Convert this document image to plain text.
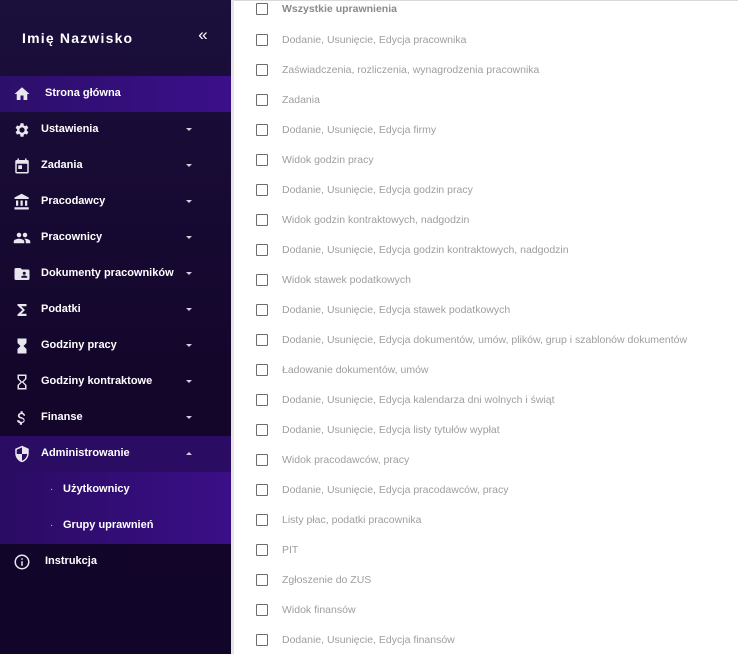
Imię Nazwisko	«
Strona główna
Ustawienia
Zadania
Pracodawcy
Pracownicy
Dokumenty pracowników
Podatki
Godziny pracy
Godziny kontraktowe
Finanse
Administrowanie
· Użytkownicy
· Grupy uprawnień
Instrukcja
Wszystkie uprawnienia
Dodanie, Usunięcie, Edycja pracownika
Zaświadczenia, rozliczenia, wynagrodzenia pracownika
Zadania
Dodanie, Usunięcie, Edycja firmy
Widok godzin pracy
Dodanie, Usunięcie, Edycja godzin pracy
Widok godzin kontraktowych, nadgodzin
Dodanie, Usunięcie, Edycja godzin kontraktowych, nadgodzin
Widok stawek podatkowych
Dodanie, Usunięcie, Edycja stawek podatkowych
Dodanie, Usunięcie, Edycja dokumentów, umów, plików, grup i szablonów dokumentów
Ładowanie dokumentów, umów
Dodanie, Usunięcie, Edycja kalendarza dni wolnych i świąt
Dodanie, Usunięcie, Edycja listy tytułów wypłat
Widok pracodawców, pracy
Dodanie, Usunięcie, Edycja pracodawców, pracy
Listy płac, podatki pracownika
PIT
Zgłoszenie do ZUS
Widok finansów
Dodanie, Usunięcie, Edycja finansów
